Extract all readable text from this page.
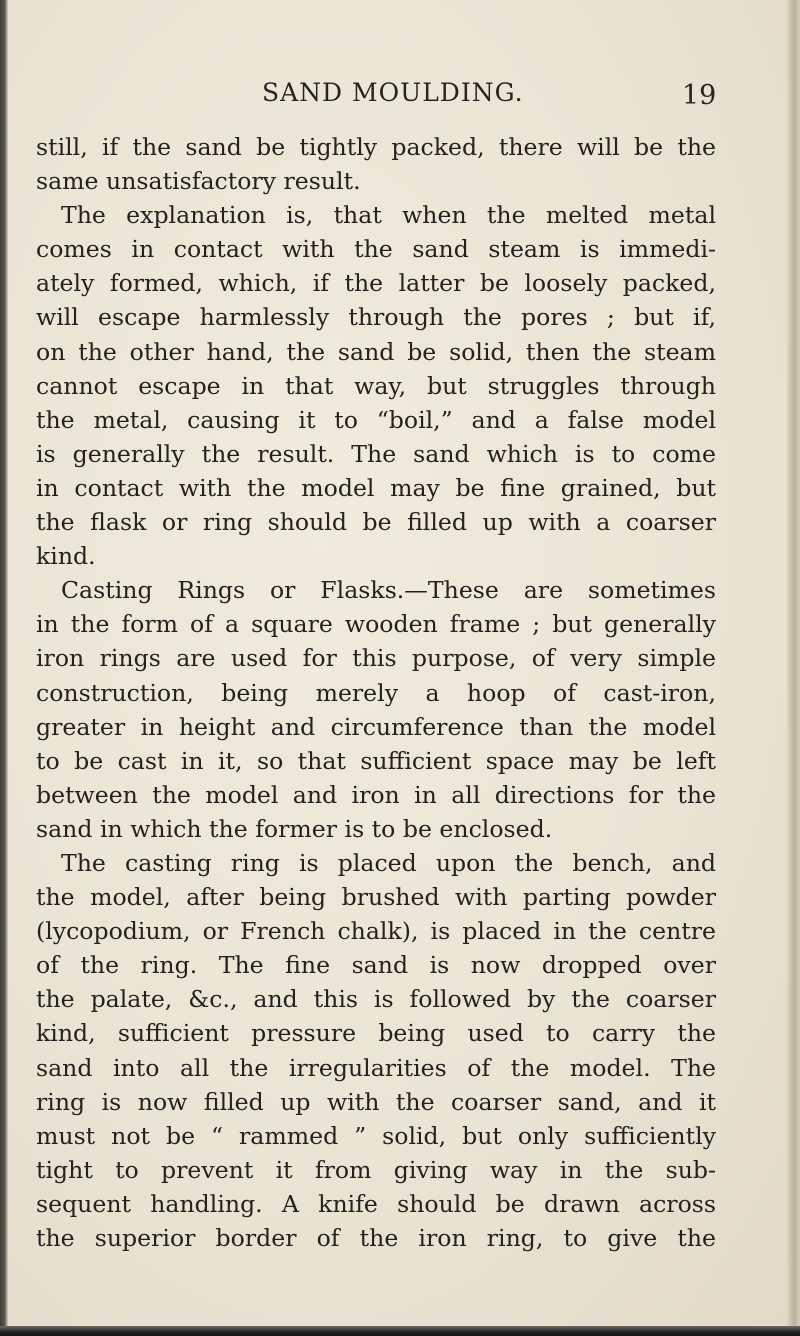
SAND MOULDING.	19
still, if the sand be tightly packed, there will be the
same unsatisfactory result.
The explanation is, that when the melted metal
comes in contact with the sand steam is immedi-
ately formed, which, if the latter be loosely packed,
will escape harmlessly through the pores ; but if,
on the other hand, the sand be solid, then the steam
cannot escape in that way, but struggles through
the metal, causing it to “boil,” and a false model
is generally the result. The sand which is to come
in contact with the model may be fine grained, but
the flask or ring should be filled up with a coarser
kind.
Casting Rings or Flasks.—These are sometimes
in the form of a square wooden frame ; but generally
iron rings are used for this purpose, of very simple
construction, being merely a hoop of cast-iron,
greater in height and circumference than the model
to be cast in it, so that sufficient space may be left
between the model and iron in all directions for the
sand in which the former is to be enclosed.
The casting ring is placed upon the bench, and
the model, after being brushed with parting powder
(lycopodium, or French chalk), is placed in the centre
of the ring. The fine sand is now dropped over
the palate, &c., and this is followed by the coarser
kind, sufficient pressure being used to carry the
sand into all the irregularities of the model. The
ring is now filled up with the coarser sand, and it
must not be “ rammed ” solid, but only sufficiently
tight to prevent it from giving way in the sub-
sequent handling. A knife should be drawn across
the superior border of the iron ring, to give the
